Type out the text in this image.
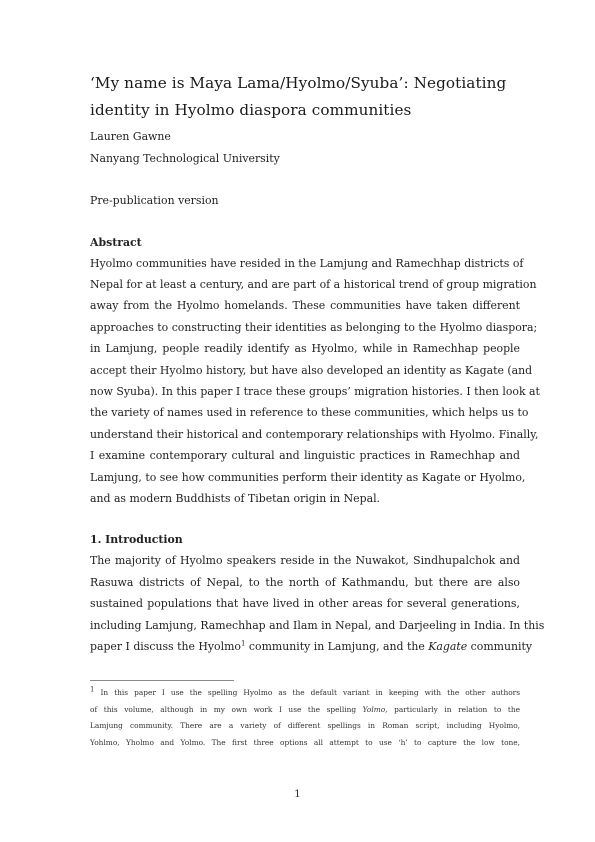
‘My name is Maya Lama/Hyolmo/Syuba’: Negotiating
identity in Hyolmo diaspora communities

Lauren Gawne

Nanyang Technological University

Pre-publication version

Abstract
Hyolmo communities have resided in the Lamjung and Ramechhap districts of
Nepal for at least a century, and are part of a historical trend of group migration
away from the Hyolmo homelands. These communities have taken different
approaches to constructing their identities as belonging to the Hyolmo diaspora;
in Lamjung, people readily identify as Hyolmo, while in Ramechhap people
accept their Hyolmo history, but have also developed an identity as Kagate (and
now Syuba). In this paper I trace these groups’ migration histories. I then look at
the variety of names used in reference to these communities, which helps us to
understand their historical and contemporary relationships with Hyolmo. Finally,
I examine contemporary cultural and linguistic practices in Ramechhap and
Lamjung, to see how communities perform their identity as Kagate or Hyolmo,
and as modern Buddhists of Tibetan origin in Nepal.
1. Introduction
The majority of Hyolmo speakers reside in the Nuwakot, Sindhupalchok and
Rasuwa districts of Nepal, to the north of Kathmandu, but there are also
sustained populations that have lived in other areas for several generations,
including Lamjung, Ramechhap and Ilam in Nepal, and Darjeeling in India. In this
paper I discuss the Hyolmo$^1$ community in Lamjung, and the Kagate community
$^1$ In this paper I use the spelling Hyolmo as the default variant in keeping with the other authors
of this volume, although in my own work I use the spelling Yolmo, particularly in relation to the
Lamjung community. There are a variety of different spellings in Roman script, including Hyolmo,
Yohlmo, Yholmo and Yolmo. The first three options all attempt to use ‘h’ to capture the low tone,
1
